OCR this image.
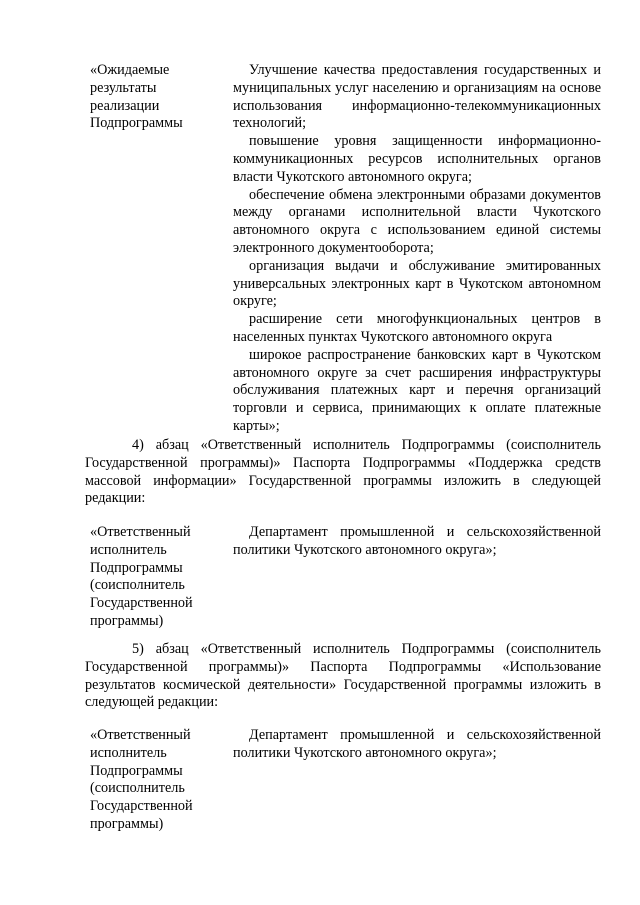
«Ожидаемые
результаты
реализации
Подпрограммы

Улучшение качества предоставления государственных и муниципальных услуг населению и организациям на основе использования информационно-телекоммуникационных технологий;

повышение уровня защищенности информационно-коммуникационных ресурсов исполнительных органов власти Чукотского автономного округа;

обеспечение обмена электронными образами документов между органами исполнительной власти Чукотского автономного округа с использованием единой системы электронного документооборота;

организация выдачи и обслуживание эмитированных универсальных электронных карт в Чукотском автономном округе;

расширение сети многофункциональных центров в населенных пунктах Чукотского автономного округа

широкое распространение банковских карт в Чукотском автономного округе за счет расширения инфраструктуры обслуживания платежных карт и перечня организаций торговли и сервиса, принимающих к оплате платежные карты»;

4) абзац «Ответственный исполнитель Подпрограммы (соисполнитель Государственной программы)» Паспорта Подпрограммы «Поддержка средств массовой информации» Государственной программы изложить в следующей редакции:

«Ответственный
исполнитель
Подпрограммы
(соисполнитель
Государственной
программы)

Департамент промышленной и сельскохозяйственной политики Чукотского автономного округа»;

5) абзац «Ответственный исполнитель Подпрограммы (соисполнитель Государственной программы)» Паспорта Подпрограммы «Использование результатов космической деятельности» Государственной программы изложить в следующей редакции:

«Ответственный
исполнитель
Подпрограммы
(соисполнитель
Государственной
программы)

Департамент промышленной и сельскохозяйственной политики Чукотского автономного округа»;
